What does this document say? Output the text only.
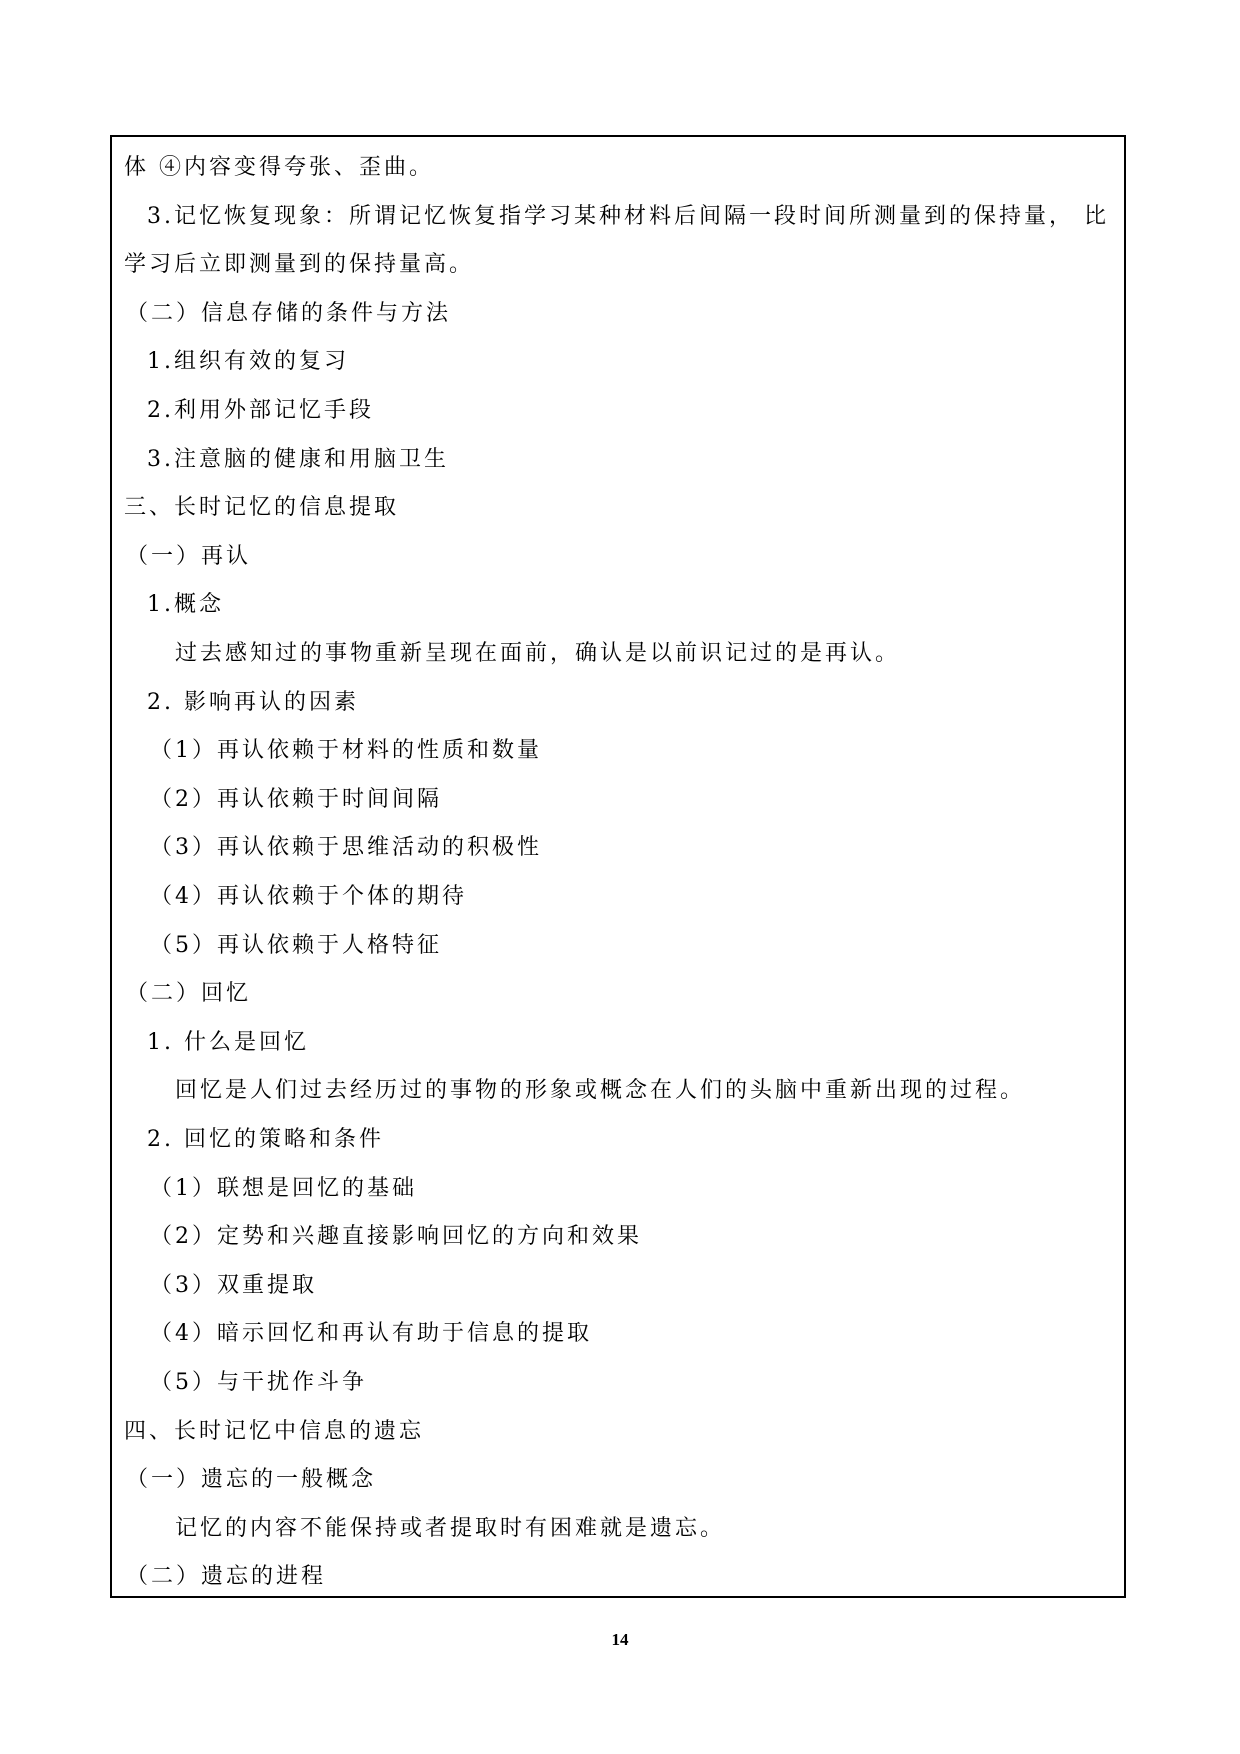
体 ④内容变得夸张、歪曲。
3.记忆恢复现象：所谓记忆恢复指学习某种材料后间隔一段时间所测量到的保持量， 比
学习后立即测量到的保持量高。
（二）信息存储的条件与方法
1.组织有效的复习
2.利用外部记忆手段
3.注意脑的健康和用脑卫生
三、长时记忆的信息提取
（一）再认
1.概念
过去感知过的事物重新呈现在面前，确认是以前识记过的是再认。
2. 影响再认的因素
（1）再认依赖于材料的性质和数量
（2）再认依赖于时间间隔
（3）再认依赖于思维活动的积极性
（4）再认依赖于个体的期待
（5）再认依赖于人格特征
（二）回忆
1. 什么是回忆
回忆是人们过去经历过的事物的形象或概念在人们的头脑中重新出现的过程。
2. 回忆的策略和条件
（1）联想是回忆的基础
（2）定势和兴趣直接影响回忆的方向和效果
（3）双重提取
（4）暗示回忆和再认有助于信息的提取
（5）与干扰作斗争
四、长时记忆中信息的遗忘
（一）遗忘的一般概念
记忆的内容不能保持或者提取时有困难就是遗忘。
（二）遗忘的进程
14
